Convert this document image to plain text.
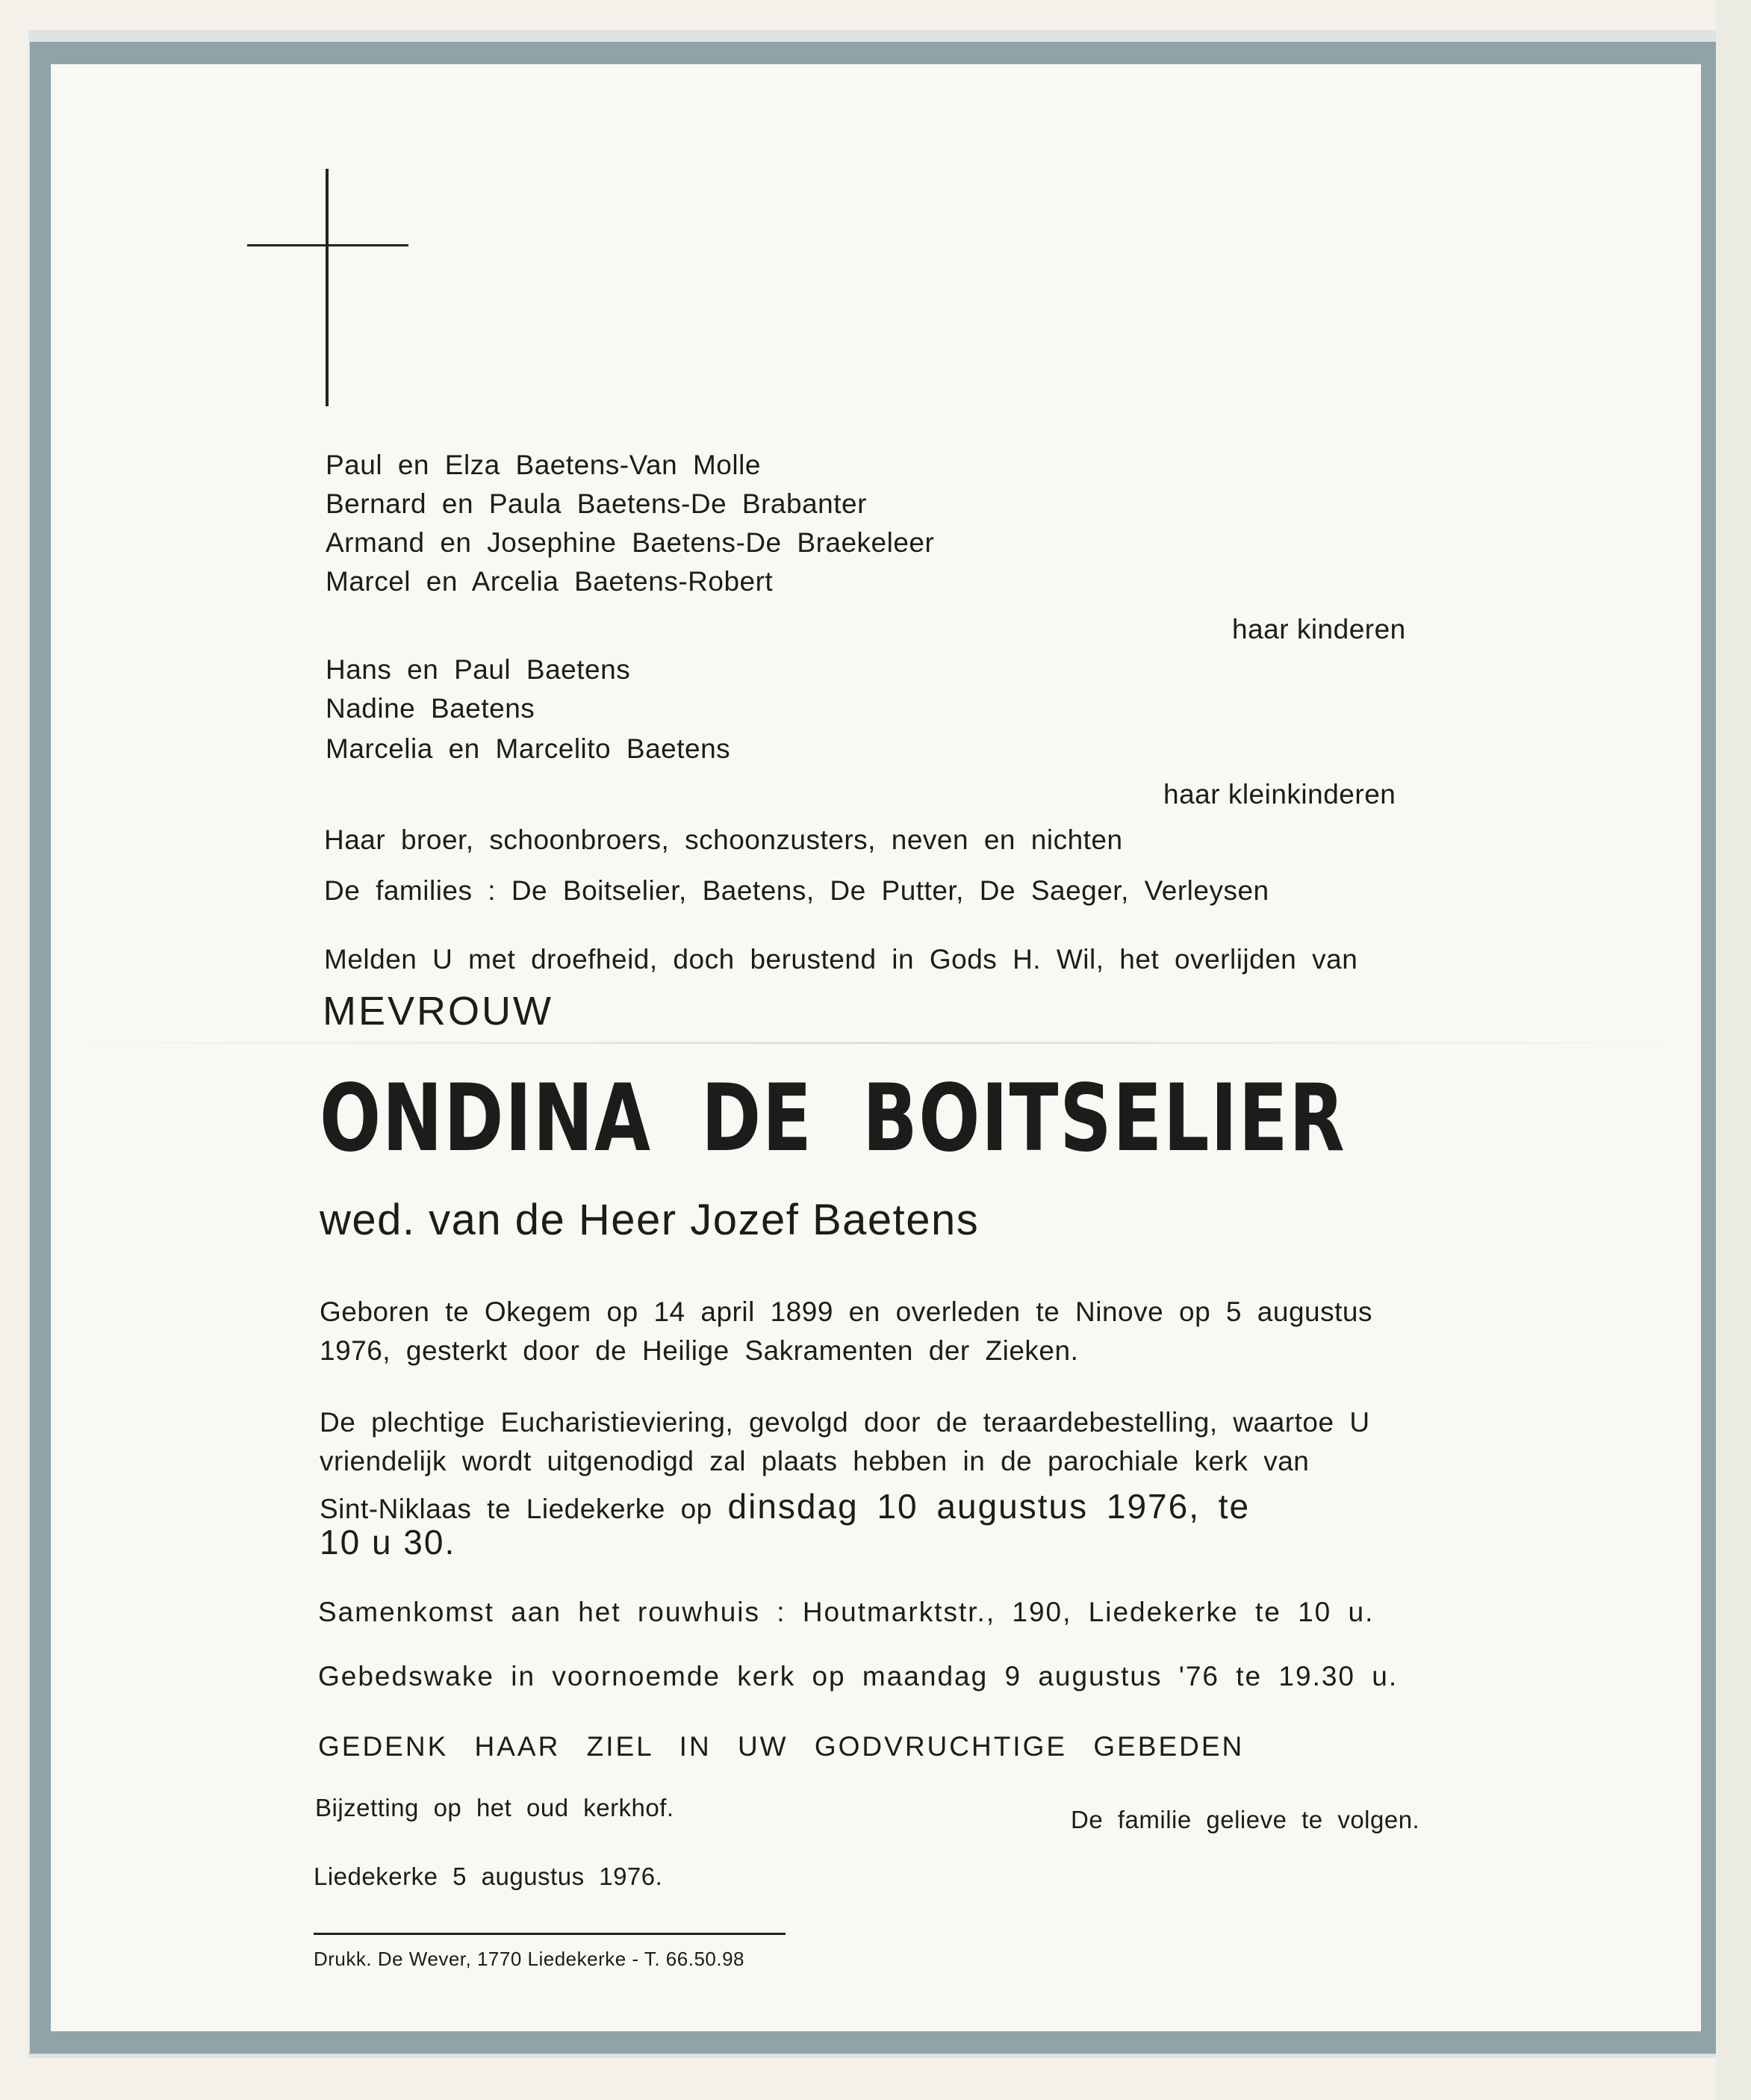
Paul en Elza Baetens-Van Molle
Bernard en Paula Baetens-De Brabanter
Armand en Josephine Baetens-De Braekeleer
Marcel en Arcelia Baetens-Robert
haar kinderen
Hans en Paul Baetens
Nadine Baetens
Marcelia en Marcelito Baetens
haar kleinkinderen
Haar broer, schoonbroers, schoonzusters, neven en nichten
De families : De Boitselier, Baetens, De Putter, De Saeger, Verleysen
Melden U met droefheid, doch berustend in Gods H. Wil, het overlijden van
MEVROUW
ONDINA DE BOITSELIER
wed. van de Heer Jozef Baetens
Geboren te Okegem op 14 april 1899 en overleden te Ninove op 5 augustus
1976, gesterkt door de Heilige Sakramenten der Zieken.
De plechtige Eucharistieviering, gevolgd door de teraardebestelling, waartoe U
vriendelijk wordt uitgenodigd zal plaats hebben in de parochiale kerk van
Sint-Niklaas te Liedekerke op dinsdag 10 augustus 1976, te
10 u 30.
Samenkomst aan het rouwhuis : Houtmarktstr., 190, Liedekerke te 10 u.
Gebedswake in voornoemde kerk op maandag 9 augustus '76 te 19.30 u.
GEDENK HAAR ZIEL IN UW GODVRUCHTIGE GEBEDEN
Bijzetting op het oud kerkhof.	De familie gelieve te volgen.
Liedekerke 5 augustus 1976.
Drukk. De Wever, 1770 Liedekerke - T. 66.50.98
